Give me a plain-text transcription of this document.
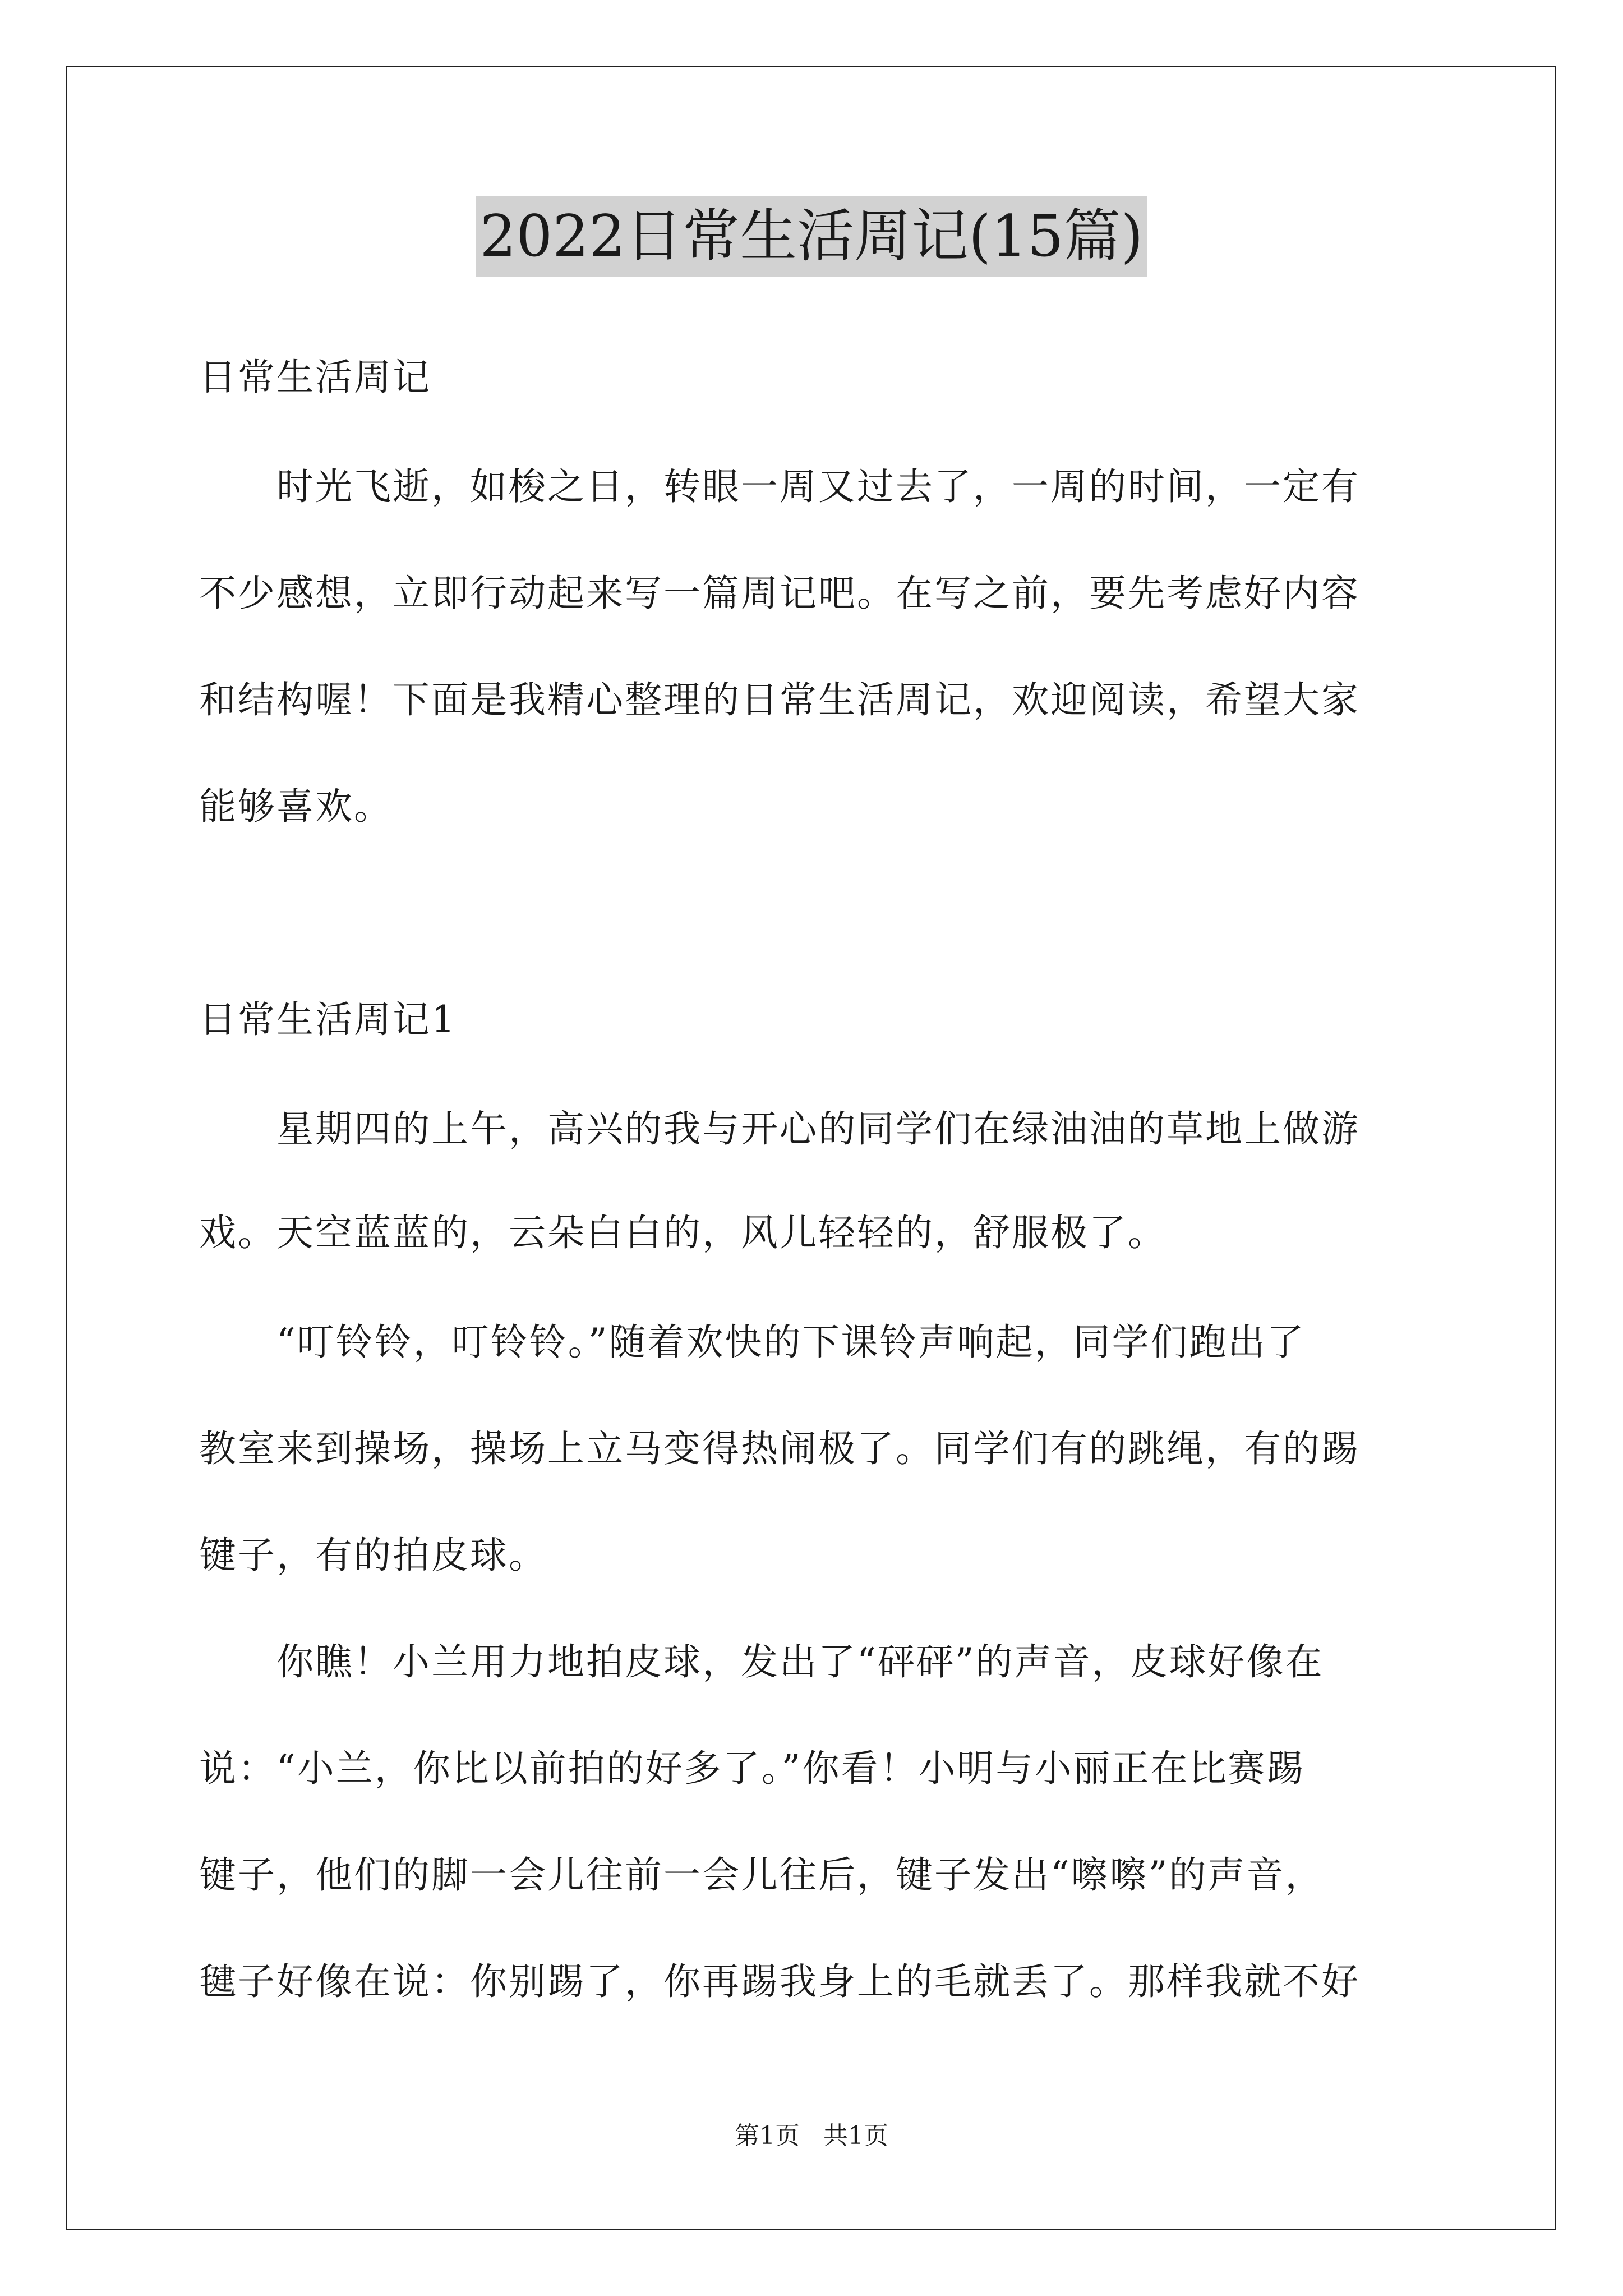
2022日常生活周记(15篇)
日常生活周记
　　时光飞逝，如梭之日，转眼一周又过去了，一周的时间，一定有
不少感想，立即行动起来写一篇周记吧。在写之前，要先考虑好内容
和结构喔！下面是我精心整理的日常生活周记，欢迎阅读，希望大家
能够喜欢。
日常生活周记1
　　星期四的上午，高兴的我与开心的同学们在绿油油的草地上做游
戏。天空蓝蓝的，云朵白白的，风儿轻轻的，舒服极了。
　　“叮铃铃，叮铃铃。”随着欢快的下课铃声响起，同学们跑出了
教室来到操场，操场上立马变得热闹极了。同学们有的跳绳，有的踢
键子，有的拍皮球。
　　你瞧！小兰用力地拍皮球，发出了“砰砰”的声音，皮球好像在
说：“小兰，你比以前拍的好多了。”你看！小明与小丽正在比赛踢
键子，他们的脚一会儿往前一会儿往后，键子发出“嚓嚓”的声音，
毽子好像在说：你别踢了，你再踢我身上的毛就丢了。那样我就不好
第1页 共1页
